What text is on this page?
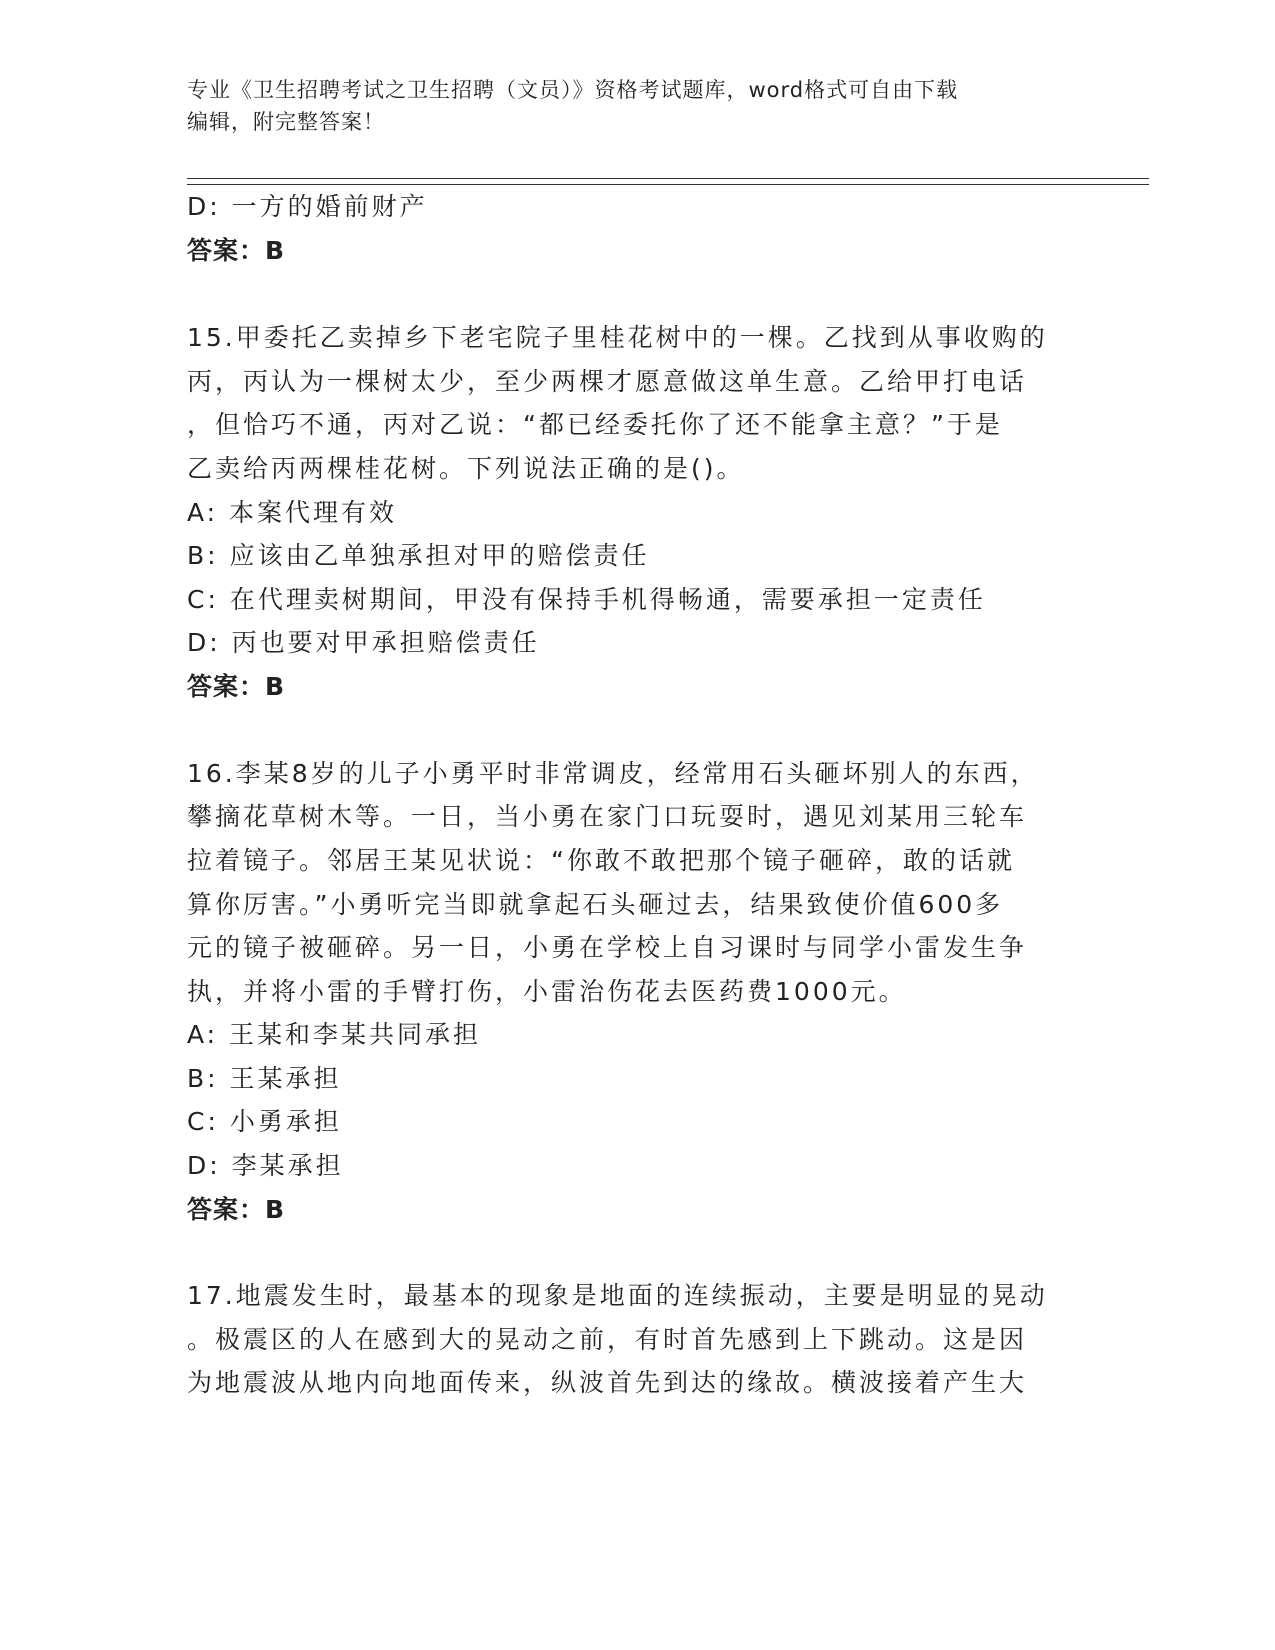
专业《卫生招聘考试之卫生招聘（文员）》资格考试题库，word格式可自由下载
编辑，附完整答案！
D: 一方的婚前财产
答案：B
15.甲委托乙卖掉乡下老宅院子里桂花树中的一棵。乙找到从事收购的
丙，丙认为一棵树太少，至少两棵才愿意做这单生意。乙给甲打电话
，但恰巧不通，丙对乙说：“都已经委托你了还不能拿主意？”于是
乙卖给丙两棵桂花树。下列说法正确的是()。
A: 本案代理有效
B: 应该由乙单独承担对甲的赔偿责任
C: 在代理卖树期间，甲没有保持手机得畅通，需要承担一定责任
D: 丙也要对甲承担赔偿责任
答案：B
16.李某8岁的儿子小勇平时非常调皮，经常用石头砸坏别人的东西，
攀摘花草树木等。一日，当小勇在家门口玩耍时，遇见刘某用三轮车
拉着镜子。邻居王某见状说：“你敢不敢把那个镜子砸碎，敢的话就
算你厉害。”小勇听完当即就拿起石头砸过去，结果致使价值600多
元的镜子被砸碎。另一日，小勇在学校上自习课时与同学小雷发生争
执，并将小雷的手臂打伤，小雷治伤花去医药费1000元。
A: 王某和李某共同承担
B: 王某承担
C: 小勇承担
D: 李某承担
答案：B
17.地震发生时，最基本的现象是地面的连续振动，主要是明显的晃动
。极震区的人在感到大的晃动之前，有时首先感到上下跳动。这是因
为地震波从地内向地面传来，纵波首先到达的缘故。横波接着产生大
